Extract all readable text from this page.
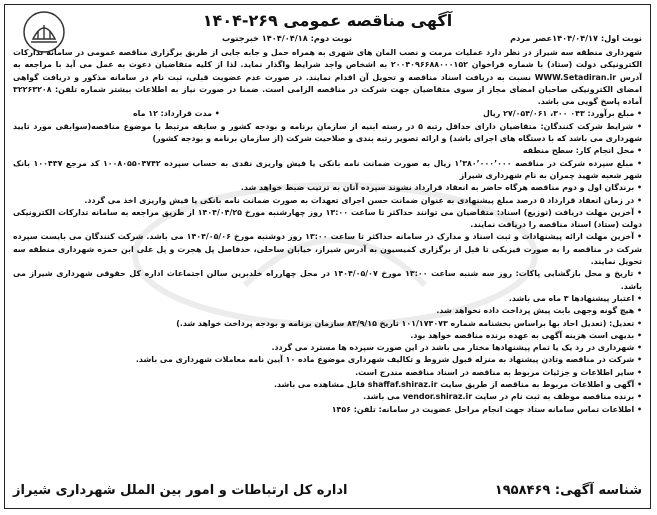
آگهی مناقصه عمومی ۲۶۹-۱۴۰۴
نوبت اول: ۱۴۰۴/۰۴/۱۷عصر مردم
نوبت دوم: ۱۴۰۴/۰۴/۱۸ خبرجنوب

شهرداری منطقه سه شیراز در نظر دارد عملیات مرمت و نصب المان های شهری به همراه حمل و جابه جایی از طریق برگزاری مناقصه عمومی در سامانه تدارکات الکترونیکی دولت (ستاد) با شماره فراخوان ۲۰۰۴۰۹۶۶۸۸۰۰۰۱۵۲ به اشخاص واجد شرایط واگذار نماید. لذا از کلیه متقاضیان دعوت به عمل می آید با مراجعه به آدرس WWW.Setadiran.ir نسبت به دریافت اسناد مناقصه و تحویل آن اقدام نمایند. در صورت عدم عضویت قبلی، ثبت نام در سامانه مذکور و دریافت گواهی امضای الکترونیکی صاحبان امضای مجاز از سوی متقاضیان جهت شرکت در مناقصه الزامی است. ضمنا در صورت نیاز به اطلاعات بیشتر شماره تلفن: ۳۲۲۶۳۲۰۸ آماده پاسخ گویی می باشد.

• مبلغ برآورد: ۰۴۳ ۳۰۰، ۲۷/۰۵۴/۰۶۱ ریال
• مدت قرارداد: ۱۲ ماه

• شرایط شرکت کنندگان: متقاضیان دارای حداقل رتبه ۵ در رسته ابنیه از سازمان برنامه و بودجه کشور و سابقه مرتبط با موضوع مناقصه(سوابقی مورد تایید شهرداری می باشد که با دستگاه های اجرای باشد) و ارائه تصویر رتبه بندی و صلاحیت شرکت (از سازمان برنامه و بودجه کشور)

• محل انجام کار: سطح منطقه

• مبلغ سپرده شرکت در مناقصه ۱٬۳۸۰٬۰۰۰٬۰۰۰ ریال به صورت ضمانت نامه بانکی یا فیش واریزی نقدی به حساب سپرده ۱۰۰۸۰۵۵۰۴۷۴۲ کد مرجع ۱۰۰۴۳۷ بانک شهر شعبه شهید چمران به نام شهرداری شیراز

• برندگان اول و دوم مناقصه هرگاه حاضر به انعقاد قرارداد نشوند سپرده آنان به ترتیب ضبط خواهد شد.

• در زمان انعقاد قرارداد ۵ درصد مبلغ پیشنهادی به عنوان ضمانت حسن اجرای تعهدات به صورت ضمانت نامه بانکی یا فیش واریزی اخذ می گردد.

• آخرین مهلت دریافت (توزیع) اسناد: متقاضیان می توانند حداکثر تا ساعت ۱۳:۰۰ روز چهارشنبه مورخ ۱۴۰۴/۰۴/۲۵ از طریق مراجعه به سامانه تدارکات الکترونیکی دولت (ستاد) اسناد مناقصه را دریافت نمایند.

• آخرین مهلت ارائه پیشنهادات و ثبت اسناد و مدارک در سامانه حداکثر تا ساعت ۱۳:۰۰ روز دوشنبه مورخ ۱۴۰۴/۰۵/۰۶ می باشد. شرکت کنندگان می بایست سپرده شرکت در مناقصه را به صورت فیزیکی تا قبل از برگزاری کمیسیون به آدرس شیراز، خیابان ساحلی، حدفاصل پل هجرت و پل علی ابن حمزه شهرداری منطقه سه تحویل نمایند.

• تاریخ و محل بازگشایی پاکات: روز سه شنبه ساعت ۱۳:۰۰ مورخ ۱۴۰۴/۰۵/۰۷ در محل چهارراه خلدبرین سالن اجتماعات اداره کل حقوقی شهرداری شیراز می باشد.

• اعتبار پیشنهادها ۳ ماه می باشد.

• هیچ گونه وجهی بابت پیش پرداخت داده نخواهد شد.

• تعدیل: (تعدیل احاد بها براساس بخشنامه شماره ۱۰۱/۱۷۳۰۷۳ تاریخ ۸۳/۹/۱۵ سازمان برنامه و بودجه پرداخت خواهد شد.)

• بدیهی است هزینه آگهی به عهده برنده مناقصه خواهد بود.

• شهرداری در رد یک یا تمام پیشنهادها مختار می باشد در این صورت سپرده ها مسترد می گردد.

• شرکت در مناقصه وتادن پیشنهاد به منزله قبول شروط و تکالیف شهرداری موضوع ماده ۱۰ آیین نامه معاملات شهرداری می باشد.

• سایر اطلاعات و جزئیات مربوط به مناقصه در اسناد مناقصه مندرج است.

• آگهی و اطلاعات مربوط به مناقصه از طریق سایت shaffaf.shiraz.ir قابل مشاهده می باشد.

• برنده مناقصه موظف به ثبت نام در سایت vendor.shiraz.ir می باشد.

• اطلاعات تماس سامانه ستاد جهت انجام مراحل عضویت در سامانه: تلفن: ۱۴۵۶

شناسه آگهی: ۱۹۵۸۴۶۹
اداره کل ارتباطات و امور بین الملل شهرداری شیراز
